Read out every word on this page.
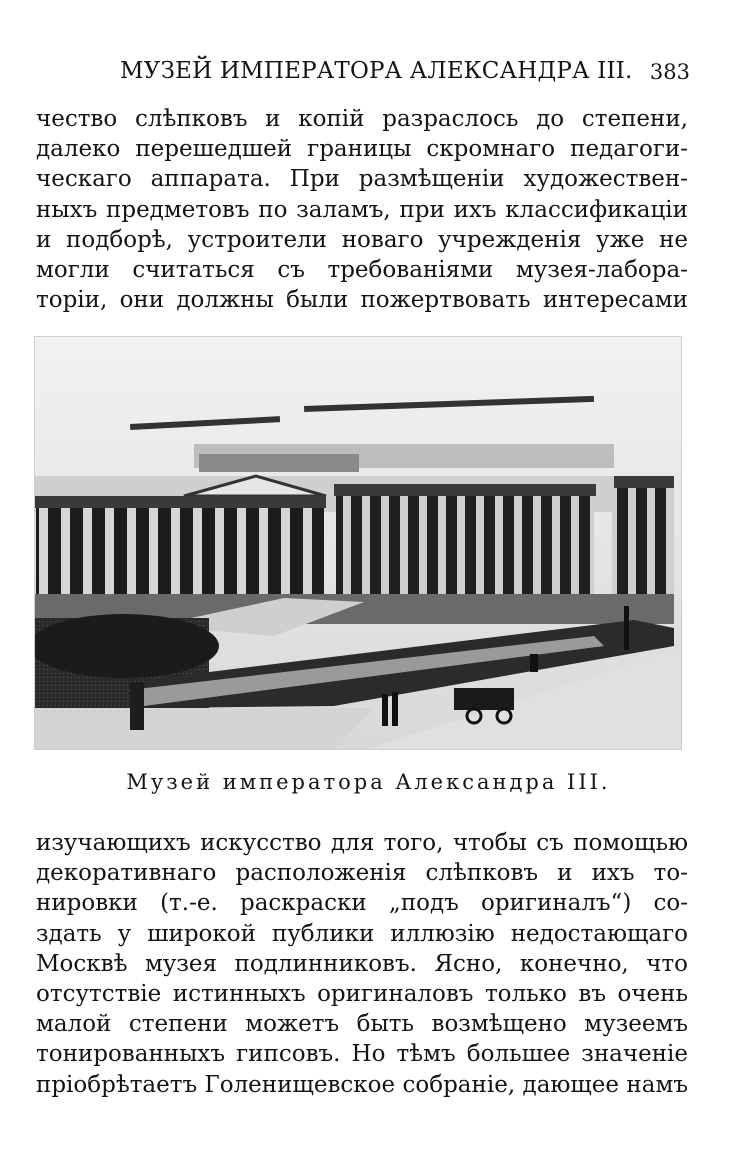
МУЗЕЙ ИМПЕРАТОРА АЛЕКСАНДРА III. 383
чество слѣпковъ и копій разраслось до степени,
далеко перешедшей границы скромнаго педагоги-
ческаго аппарата. При размѣщеніи художествен-
ныхъ предметовъ по заламъ, при ихъ классификаціи
и подборѣ, устроители новаго учрежденія уже не
могли считаться съ требованіями музея-лабора-
торіи, они должны были пожертвовать интересами
Музей императора Александра III.
изучающихъ искусство для того, чтобы съ помощью
декоративнаго расположенія слѣпковъ и ихъ то-
нировки (т.-е. раскраски „подъ оригиналъ“) со-
здать у широкой публики иллюзію недостающаго
Москвѣ музея подлинниковъ. Ясно, конечно, что
отсутствіе истинныхъ оригиналовъ только въ очень
малой степени можетъ быть возмѣщено музеемъ
тонированныхъ гипсовъ. Но тѣмъ большее значеніе
пріобрѣтаетъ Голенищевское собраніе, дающее намъ
